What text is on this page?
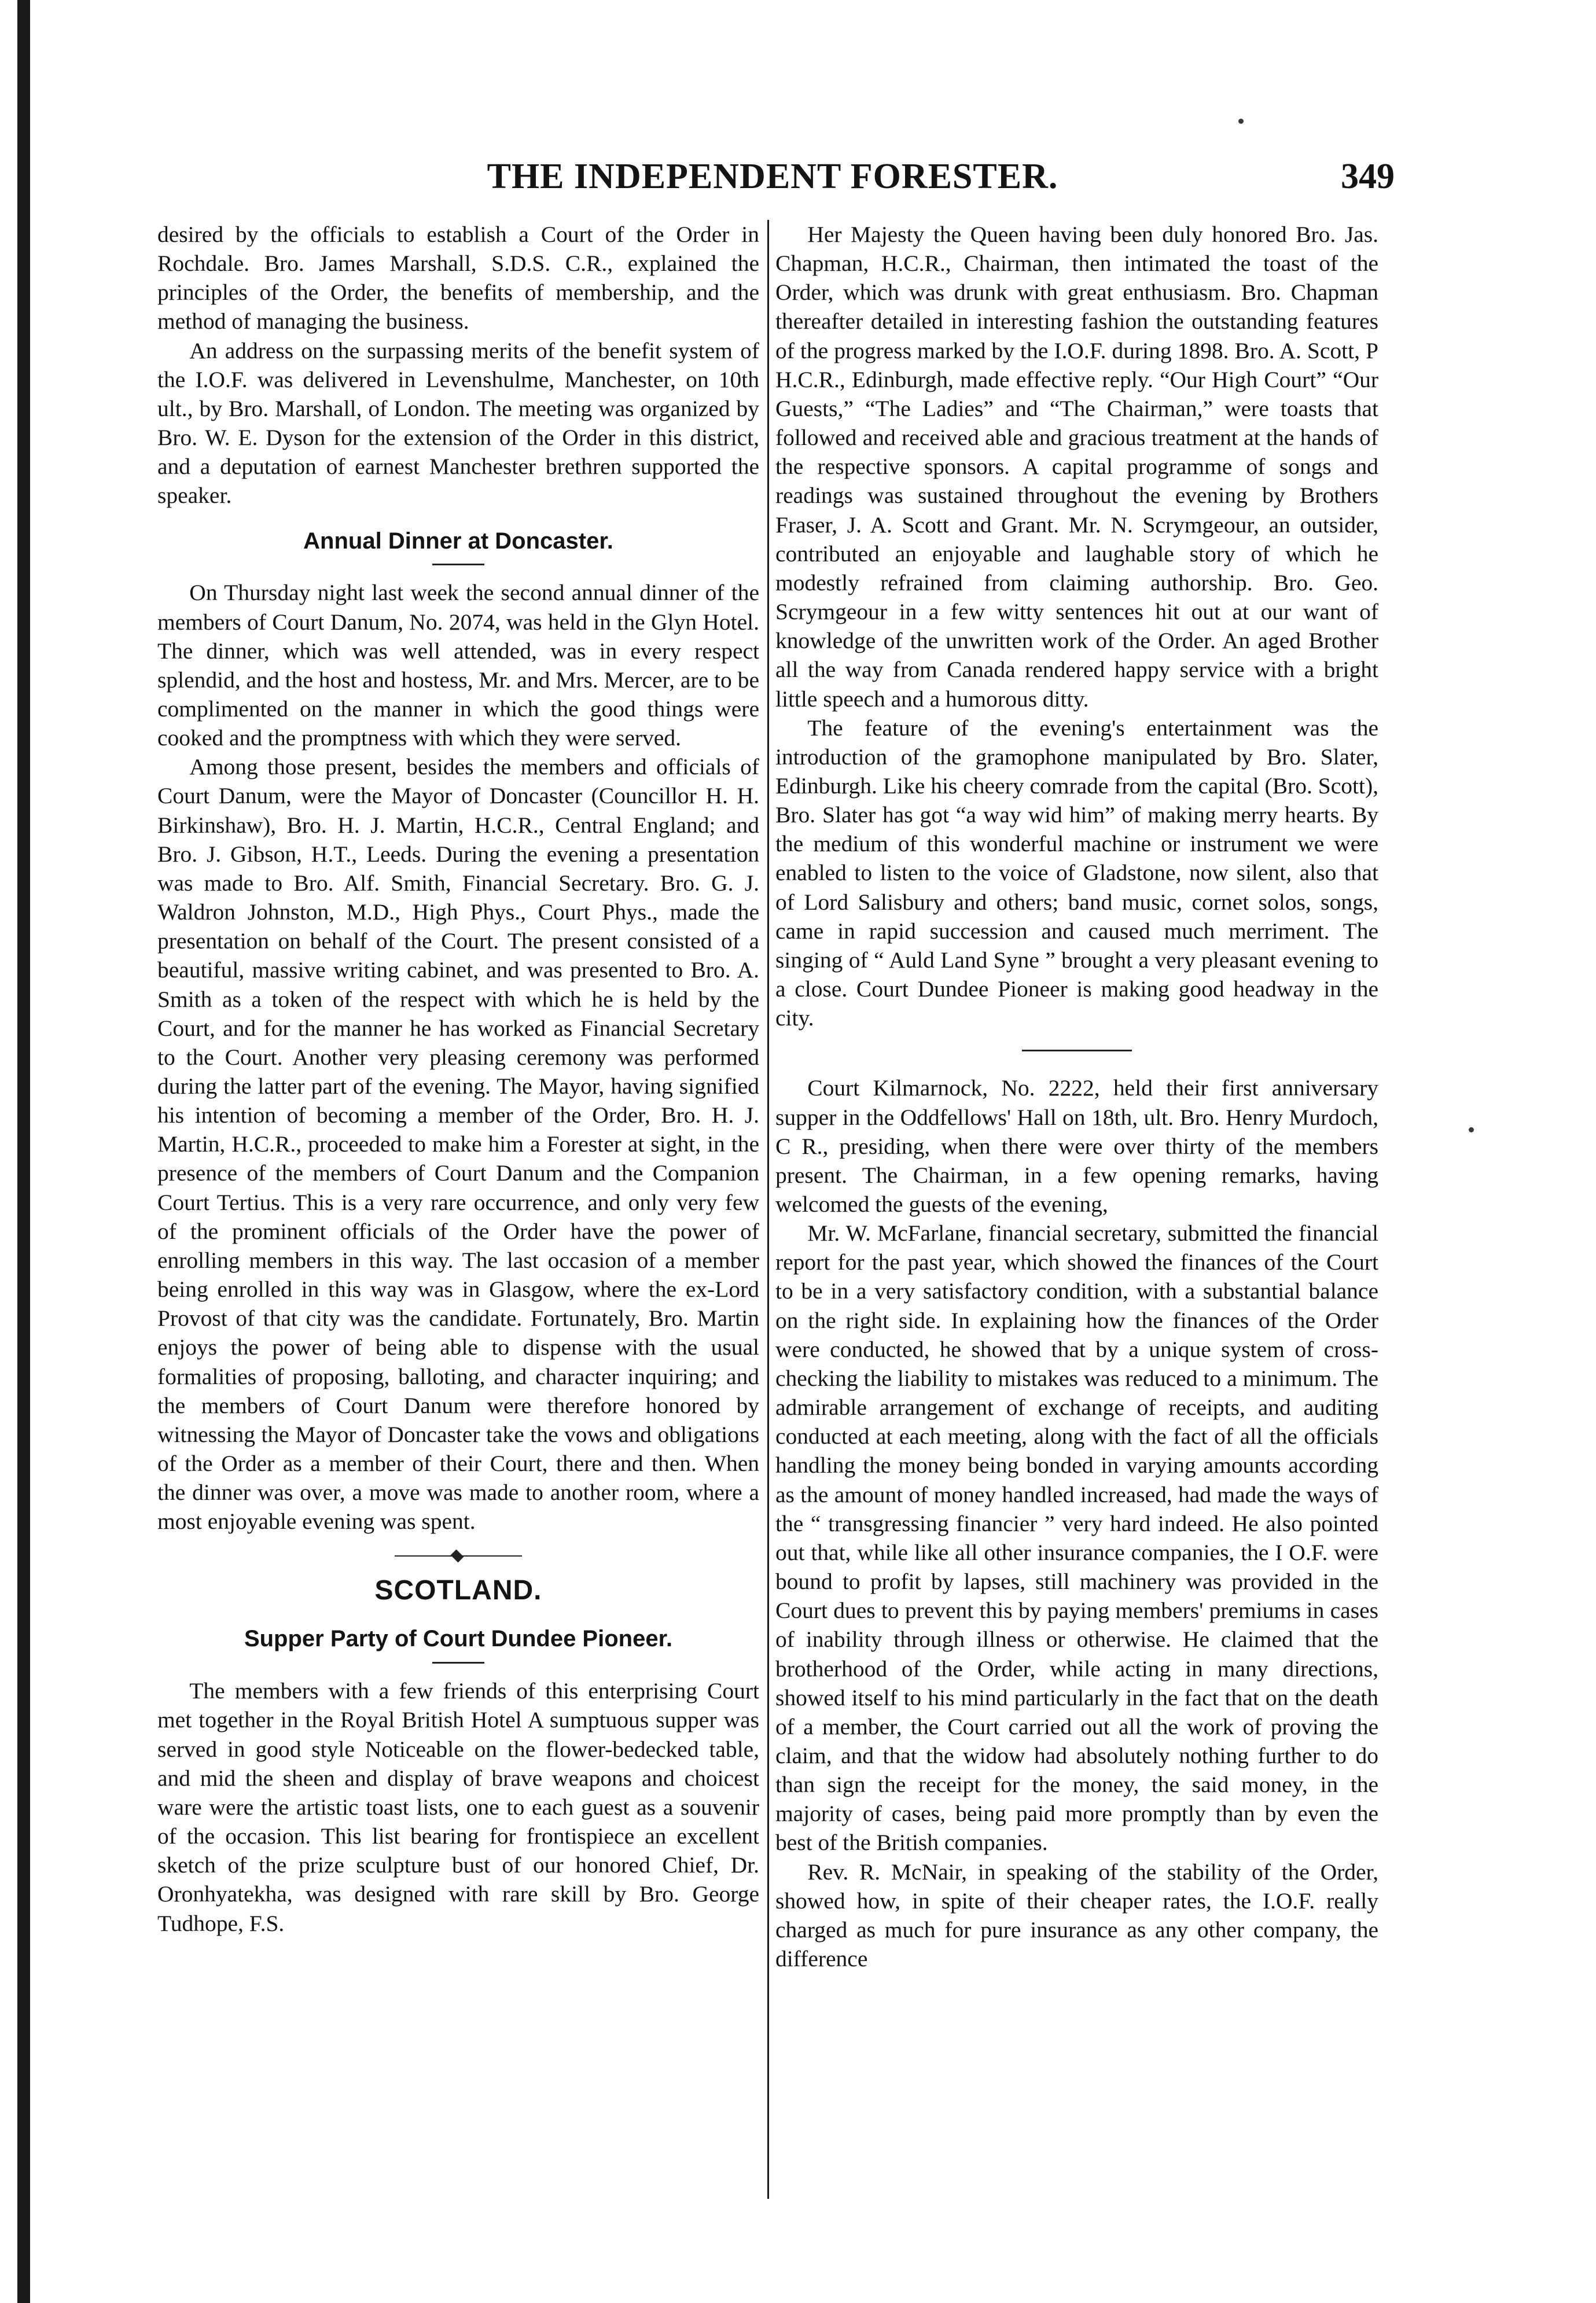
THE INDEPENDENT FORESTER.	349

desired by the officials to establish a Court of the Order in Rochdale. Bro. James Marshall, S.D.S. C.R., explained the principles of the Order, the benefits of membership, and the method of managing the business.

An address on the surpassing merits of the benefit system of the I.O.F. was delivered in Levenshulme, Manchester, on 10th ult., by Bro. Marshall, of London. The meeting was organized by Bro. W. E. Dyson for the extension of the Order in this district, and a deputation of earnest Manchester brethren supported the speaker.

Annual Dinner at Doncaster.

On Thursday night last week the second annual dinner of the members of Court Danum, No. 2074, was held in the Glyn Hotel. The dinner, which was well attended, was in every respect splendid, and the host and hostess, Mr. and Mrs. Mercer, are to be complimented on the manner in which the good things were cooked and the promptness with which they were served.

Among those present, besides the members and officials of Court Danum, were the Mayor of Doncaster (Councillor H. H. Birkinshaw), Bro. H. J. Martin, H.C.R., Central England; and Bro. J. Gibson, H.T., Leeds. During the evening a presentation was made to Bro. Alf. Smith, Financial Secretary. Bro. G. J. Waldron Johnston, M.D., High Phys., Court Phys., made the presentation on behalf of the Court. The present consisted of a beautiful, massive writing cabinet, and was presented to Bro. A. Smith as a token of the respect with which he is held by the Court, and for the manner he has worked as Financial Secretary to the Court. Another very pleasing ceremony was performed during the latter part of the evening. The Mayor, having signified his intention of becoming a member of the Order, Bro. H. J. Martin, H.C.R., proceeded to make him a Forester at sight, in the presence of the members of Court Danum and the Companion Court Tertius. This is a very rare occurrence, and only very few of the prominent officials of the Order have the power of enrolling members in this way. The last occasion of a member being enrolled in this way was in Glasgow, where the ex-Lord Provost of that city was the candidate. Fortunately, Bro. Martin enjoys the power of being able to dispense with the usual formalities of proposing, balloting, and character inquiring; and the members of Court Danum were therefore honored by witnessing the Mayor of Doncaster take the vows and obligations of the Order as a member of their Court, there and then. When the dinner was over, a move was made to another room, where a most enjoyable evening was spent.

SCOTLAND.
Supper Party of Court Dundee Pioneer.

The members with a few friends of this enterprising Court met together in the Royal British Hotel A sumptuous supper was served in good style Noticeable on the flower-bedecked table, and mid the sheen and display of brave weapons and choicest ware were the artistic toast lists, one to each guest as a souvenir of the occasion. This list bearing for frontispiece an excellent sketch of the prize sculpture bust of our honored Chief, Dr. Oronhyatekha, was designed with rare skill by Bro. George Tudhope, F.S.

Her Majesty the Queen having been duly honored Bro. Jas. Chapman, H.C.R., Chairman, then intimated the toast of the Order, which was drunk with great enthusiasm. Bro. Chapman thereafter detailed in interesting fashion the outstanding features of the progress marked by the I.O.F. during 1898. Bro. A. Scott, P H.C.R., Edinburgh, made effective reply. “Our High Court” “Our Guests,” “The Ladies” and “The Chairman,” were toasts that followed and received able and gracious treatment at the hands of the respective sponsors. A capital programme of songs and readings was sustained throughout the evening by Brothers Fraser, J. A. Scott and Grant. Mr. N. Scrymgeour, an outsider, contributed an enjoyable and laughable story of which he modestly refrained from claiming authorship. Bro. Geo. Scrymgeour in a few witty sentences hit out at our want of knowledge of the unwritten work of the Order. An aged Brother all the way from Canada rendered happy service with a bright little speech and a humorous ditty.

The feature of the evening's entertainment was the introduction of the gramophone manipulated by Bro. Slater, Edinburgh. Like his cheery comrade from the capital (Bro. Scott), Bro. Slater has got “a way wid him” of making merry hearts. By the medium of this wonderful machine or instrument we were enabled to listen to the voice of Gladstone, now silent, also that of Lord Salisbury and others; band music, cornet solos, songs, came in rapid succession and caused much merriment. The singing of “ Auld Land Syne ” brought a very pleasant evening to a close. Court Dundee Pioneer is making good headway in the city.

Court Kilmarnock, No. 2222, held their first anniversary supper in the Oddfellows' Hall on 18th, ult. Bro. Henry Murdoch, C R., presiding, when there were over thirty of the members present. The Chairman, in a few opening remarks, having welcomed the guests of the evening,

Mr. W. McFarlane, financial secretary, submitted the financial report for the past year, which showed the finances of the Court to be in a very satisfactory condition, with a substantial balance on the right side. In explaining how the finances of the Order were conducted, he showed that by a unique system of cross-checking the liability to mistakes was reduced to a minimum. The admirable arrangement of exchange of receipts, and auditing conducted at each meeting, along with the fact of all the officials handling the money being bonded in varying amounts according as the amount of money handled increased, had made the ways of the “ transgressing financier ” very hard indeed. He also pointed out that, while like all other insurance companies, the I O.F. were bound to profit by lapses, still machinery was provided in the Court dues to prevent this by paying members' premiums in cases of inability through illness or otherwise. He claimed that the brotherhood of the Order, while acting in many directions, showed itself to his mind particularly in the fact that on the death of a member, the Court carried out all the work of proving the claim, and that the widow had absolutely nothing further to do than sign the receipt for the money, the said money, in the majority of cases, being paid more promptly than by even the best of the British companies.

Rev. R. McNair, in speaking of the stability of the Order, showed how, in spite of their cheaper rates, the I.O.F. really charged as much for pure insurance as any other company, the difference
